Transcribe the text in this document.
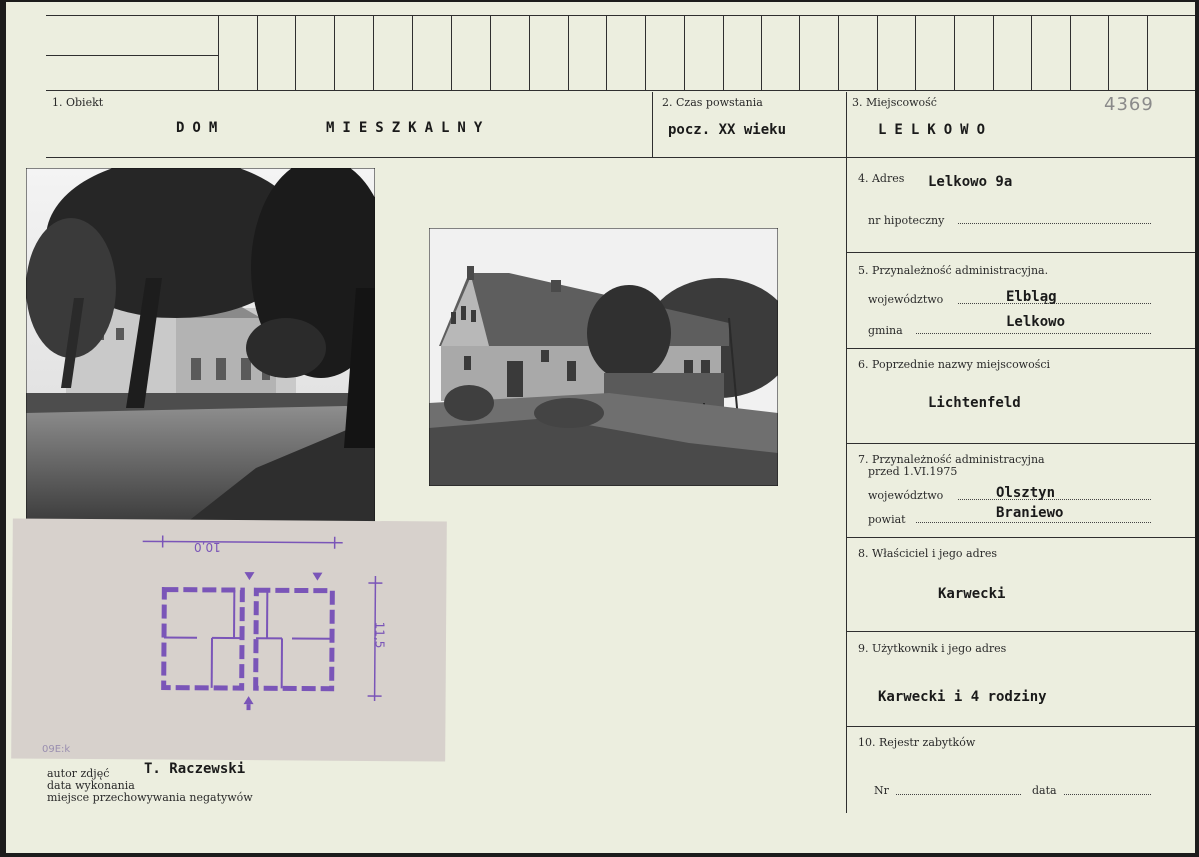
1. Obiekt
DOM	MIESZKALNY
2. Czas powstania
pocz. XX wieku
3. Miejscowość
LELKOWO
4369
4. Adres Lelkowo 9a
nr hipoteczny
5. Przynależność administracyjna.
województwo	Elbląg
gmina
Lelkowo
6. Poprzednie nazwy miejscowości
Lichtenfeld
7. Przynależność administracyjna
przed 1.VI.1975
województwo	Olsztyn
powiat	Braniewo
8. Właściciel i jego adres
Karwecki
9. Użytkownik i jego adres
Karwecki i 4 rodziny
10. Rejestr zabytków
Nr	data
10,0
11,5
09E:k
autor zdjęć T. Raczewski
data wykonania
miejsce przechowywania negatywów
